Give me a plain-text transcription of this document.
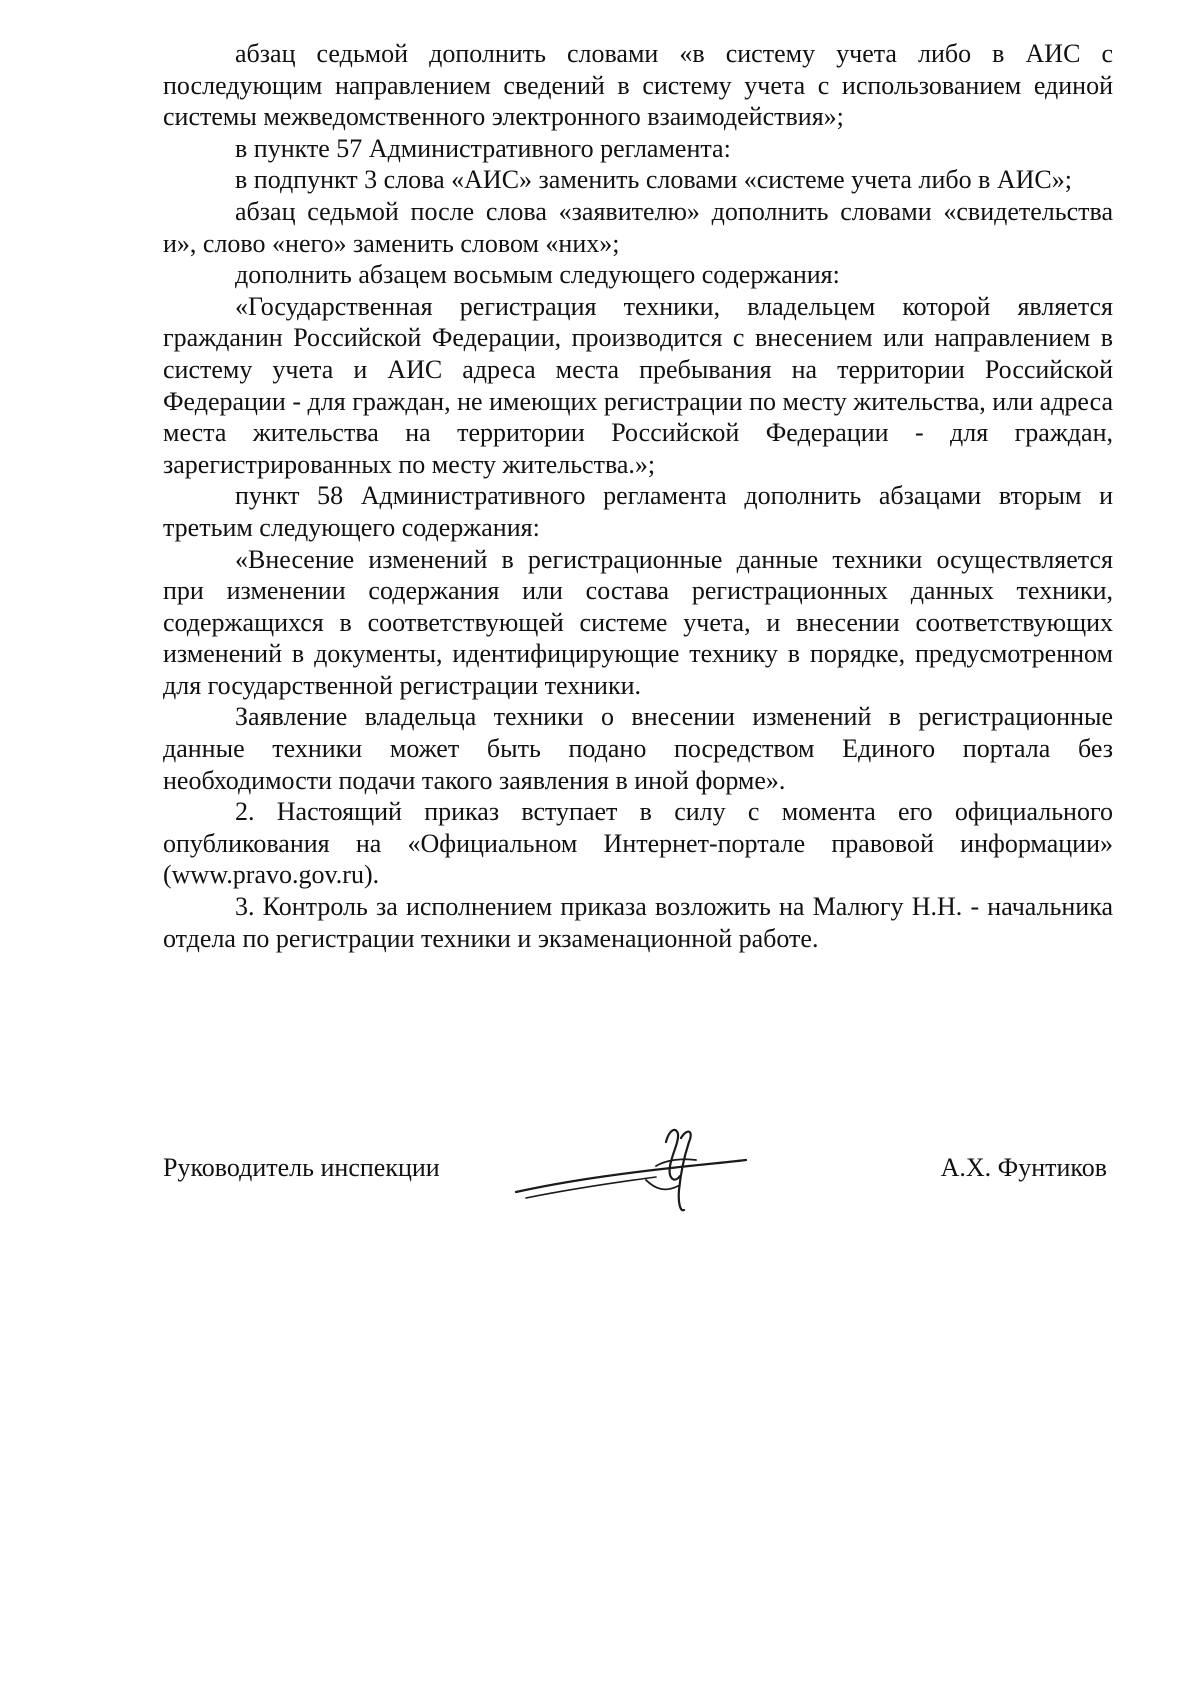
абзац седьмой дополнить словами «в систему учета либо в АИС с последующим направлением сведений в систему учета с использованием единой системы межведомственного электронного взаимодействия»;

в пункте 57 Административного регламента:

в подпункт 3 слова «АИС» заменить словами «системе учета либо в АИС»;

абзац седьмой после слова «заявителю» дополнить словами «свидетельства и», слово «него» заменить словом «них»;

дополнить абзацем восьмым следующего содержания:

«Государственная регистрация техники, владельцем которой является гражданин Российской Федерации, производится с внесением или направлением в систему учета и АИС адреса места пребывания на территории Российской Федерации - для граждан, не имеющих регистрации по месту жительства, или адреса места жительства на территории Российской Федерации - для граждан, зарегистрированных по месту жительства.»;

пункт 58 Административного регламента дополнить абзацами вторым и третьим следующего содержания:

«Внесение изменений в регистрационные данные техники осуществляется при изменении содержания или состава регистрационных данных техники, содержащихся в соответствующей системе учета, и внесении соответствующих изменений в документы, идентифицирующие технику в порядке, предусмотренном для государственной регистрации техники.

Заявление владельца техники о внесении изменений в регистрационные данные техники может быть подано посредством Единого портала без необходимости подачи такого заявления в иной форме».

2. Настоящий приказ вступает в силу с момента его официального опубликования на «Официальном Интернет-портале правовой информации» (www.pravo.gov.ru).

3. Контроль за исполнением приказа возложить на Малюгу Н.Н. - начальника отдела по регистрации техники и экзаменационной работе.

Руководитель инспекции	А.Х. Фунтиков
